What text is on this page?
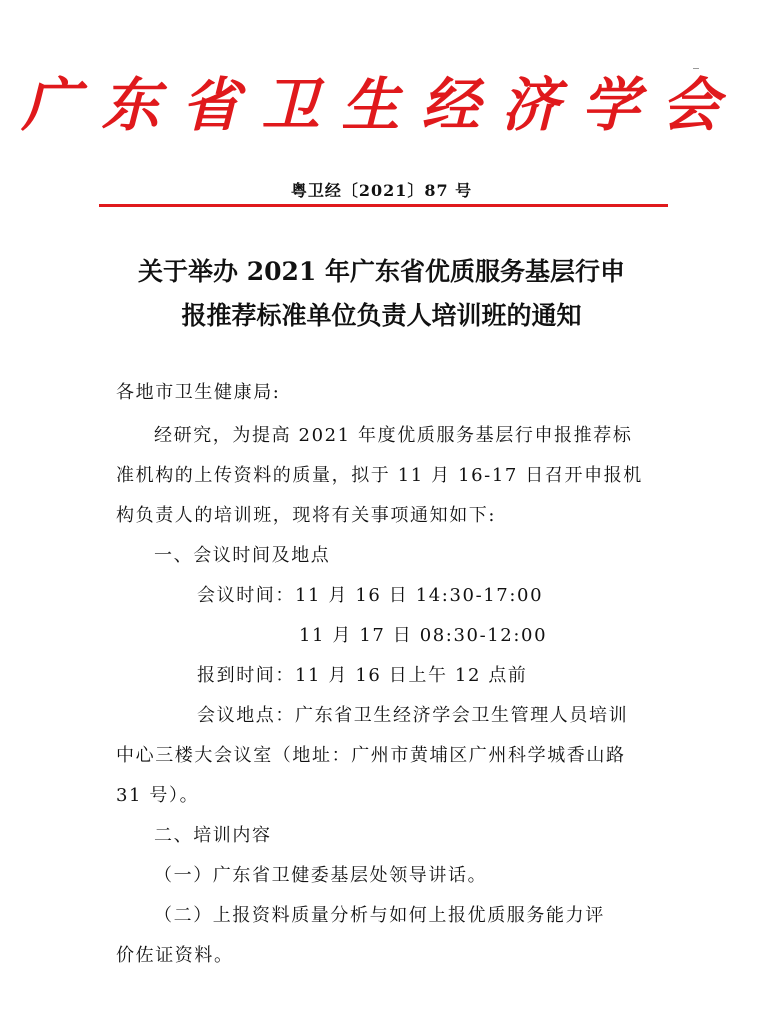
广东省卫生经济学会
粤卫经〔2021〕87 号
关于举办 2021 年广东省优质服务基层行申
报推荐标准单位负责人培训班的通知
各地市卫生健康局:
经研究，为提高 2021 年度优质服务基层行申报推荐标
准机构的上传资料的质量，拟于 11 月 16-17 日召开申报机
构负责人的培训班，现将有关事项通知如下:
一、会议时间及地点
会议时间：11 月 16 日 14:30-17:00
11 月 17 日 08:30-12:00
报到时间：11 月 16 日上午 12 点前
会议地点：广东省卫生经济学会卫生管理人员培训
中心三楼大会议室（地址：广州市黄埔区广州科学城香山路
31 号）。
二、培训内容
（一）广东省卫健委基层处领导讲话。
（二）上报资料质量分析与如何上报优质服务能力评
价佐证资料。
